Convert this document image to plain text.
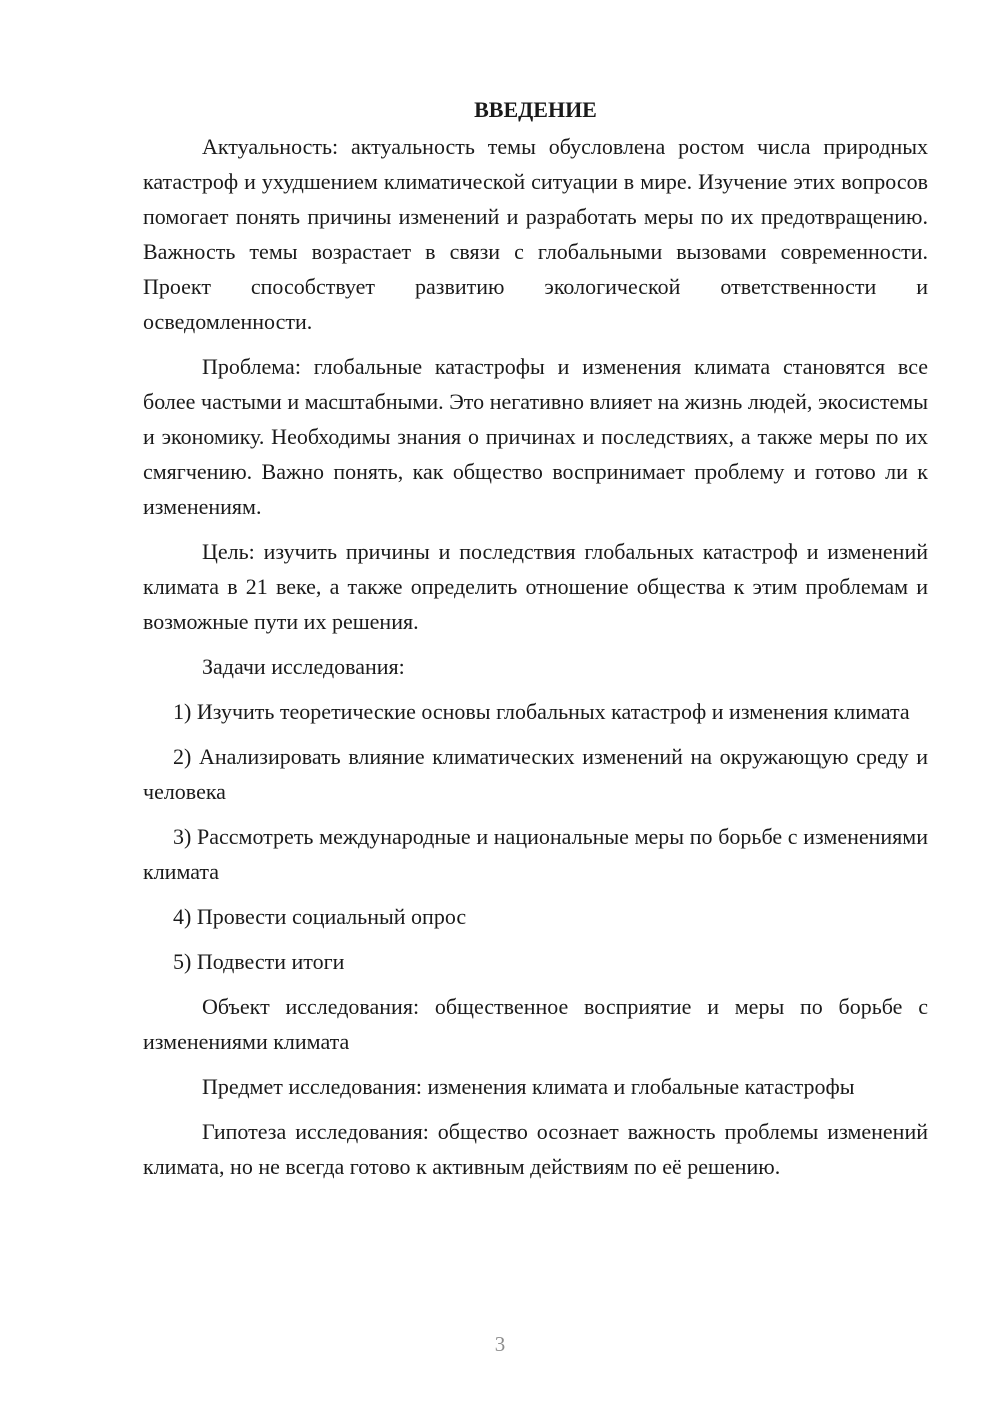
ВВЕДЕНИЕ

Актуальность: актуальность темы обусловлена ростом числа природных катастроф и ухудшением климатической ситуации в мире. Изучение этих вопросов помогает понять причины изменений и разработать меры по их предотвращению. Важность темы возрастает в связи с глобальными вызовами современности. Проект способствует развитию экологической ответственности и осведомленности.

Проблема: глобальные катастрофы и изменения климата становятся все более частыми и масштабными. Это негативно влияет на жизнь людей, экосистемы и экономику. Необходимы знания о причинах и последствиях, а также меры по их смягчению. Важно понять, как общество воспринимает проблему и готово ли к изменениям.

Цель: изучить причины и последствия глобальных катастроф и изменений климата в 21 веке, а также определить отношение общества к этим проблемам и возможные пути их решения.

Задачи исследования:

1) Изучить теоретические основы глобальных катастроф и изменения климата

2) Анализировать влияние климатических изменений на окружающую среду и человека

3) Рассмотреть международные и национальные меры по борьбе с изменениями климата

4) Провести социальный опрос

5) Подвести итоги

Объект исследования: общественное восприятие и меры по борьбе с изменениями климата

Предмет исследования: изменения климата и глобальные катастрофы

Гипотеза исследования: общество осознает важность проблемы изменений климата, но не всегда готово к активным действиям по её решению.

3
